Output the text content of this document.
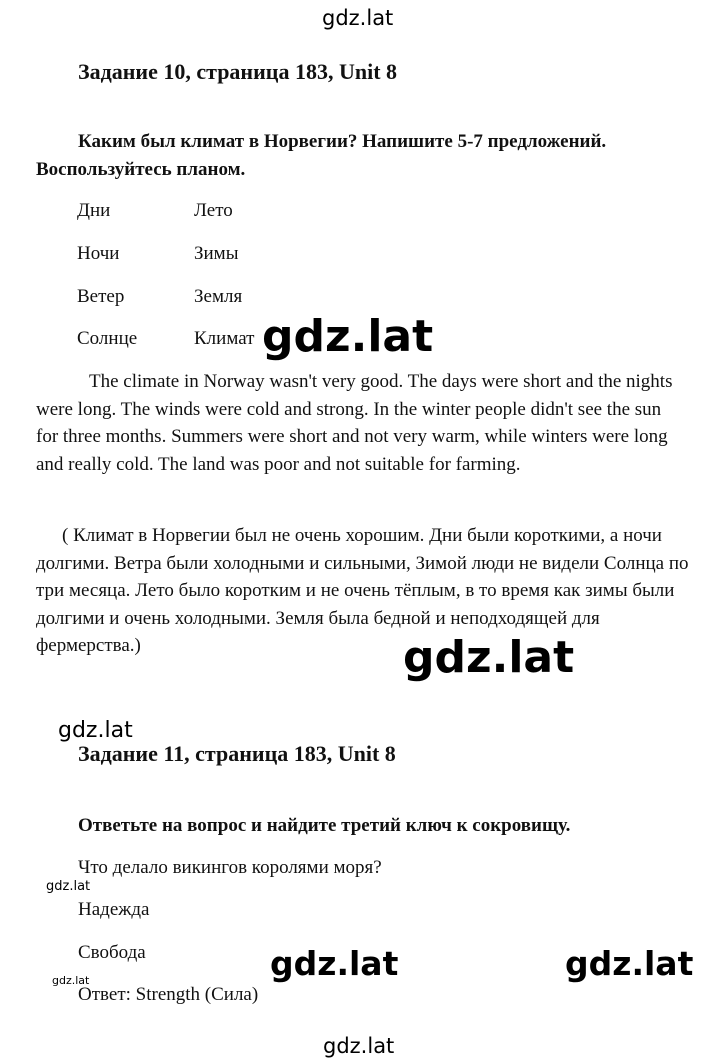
gdz.lat
Задание 10, страница 183, Unit 8
Каким был климат в Норвегии? Напишите 5-7 предложений.
Воспользуйтесь планом.
Дни	Лето
Ночи	Зимы
Ветер	Земля
Солнце	Климат gdz.lat
The climate in Norway wasn't very good. The days were short and the nights were long. The winds were cold and strong. In the winter people didn't see the sun for three months. Summers were short and not very warm, while winters were long and really cold. The land was poor and not suitable for farming.
( Климат в Норвегии был не очень хорошим. Дни были короткими, а ночи долгими. Ветра были холодными и сильными, Зимой люди не видели Солнца по три месяца. Лето было коротким и не очень тёплым, в то время как зимы были долгими и очень холодными. Земля была бедной и неподходящей для фермерства.)	gdz.lat
gdz.lat
Задание 11, страница 183, Unit 8
Ответьте на вопрос и найдите третий ключ к сокровищу.
Что делало викингов королями моря?
gdz.lat
Надежда
Свобода
gdz.lat
Ответ: Strength (Сила)
gdz.lat	gdz.lat
gdz.lat
